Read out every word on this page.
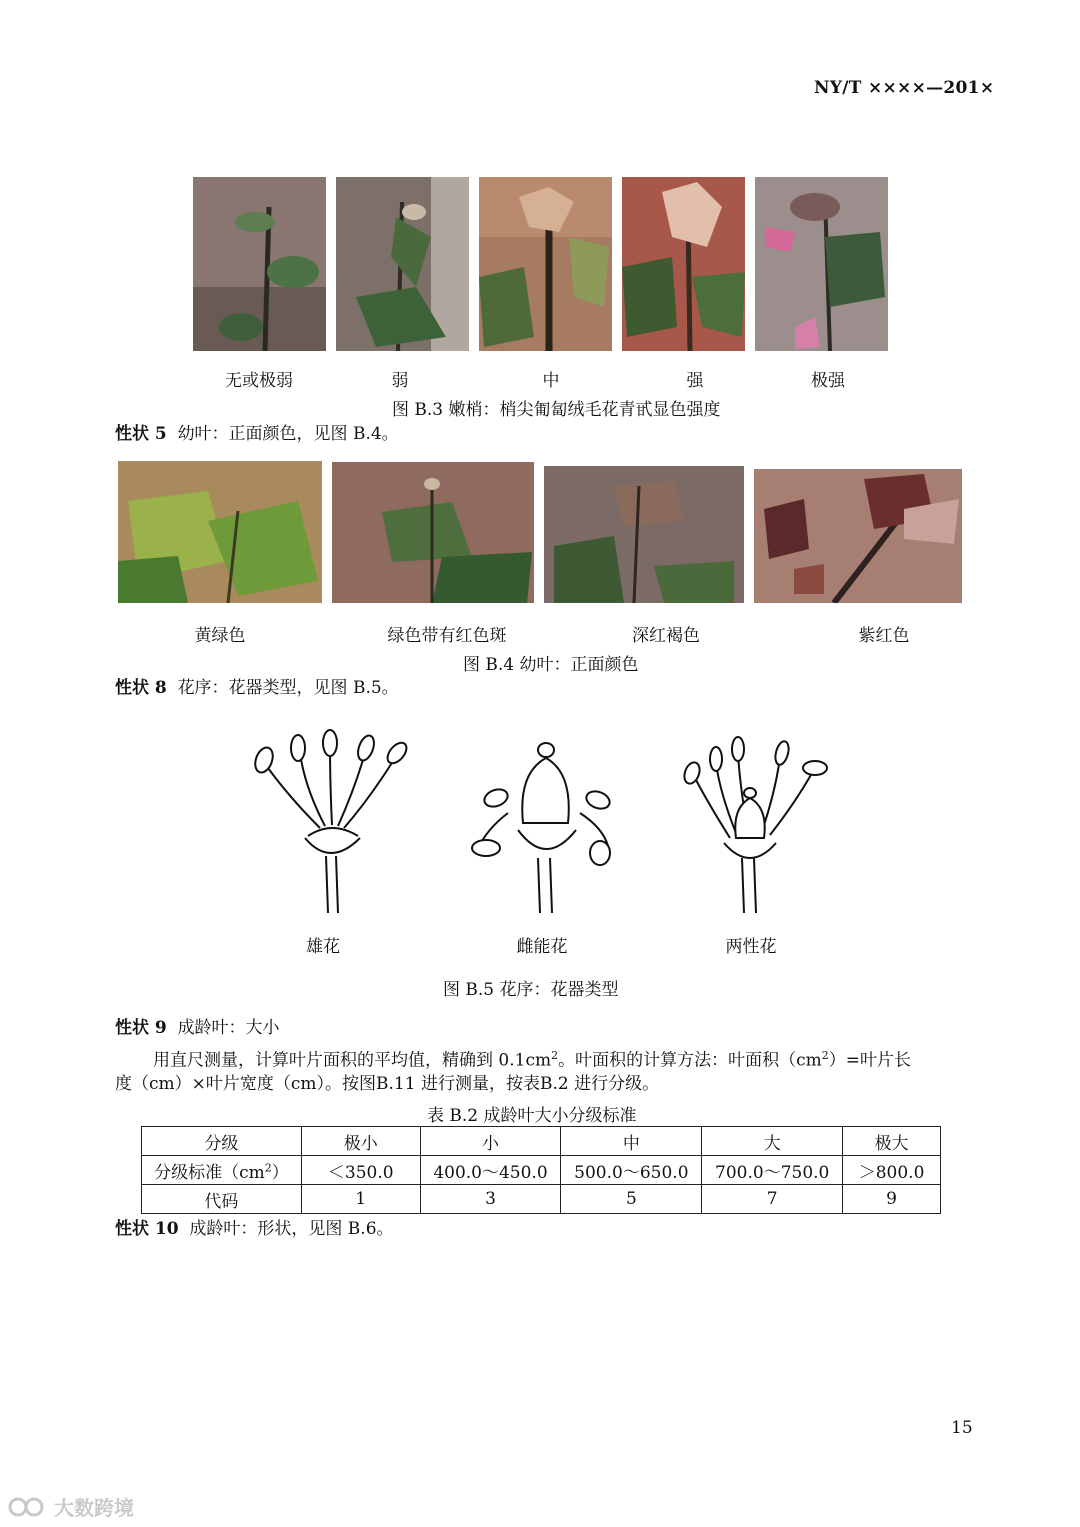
NY/T ××××—201×
无或极弱	弱	中	强	极强
图 B.3 嫩梢：梢尖匍匐绒毛花青甙显色强度
性状 5 幼叶：正面颜色，见图 B.4。
黄绿色	绿色带有红色斑	深红褐色	紫红色
图 B.4 幼叶：正面颜色
性状 8 花序：花器类型，见图 B.5。
雄花	雌能花	两性花
图 B.5 花序：花器类型
性状 9 成龄叶：大小
用直尺测量，计算叶片面积的平均值，精确到 $0.1cm^2$。叶面积的计算方法：叶面积$(cm^2)=$叶片长
度（cm）×叶片宽度（cm）。按图B.11 进行测量，按表B.2 进行分级。
表 B.2 成龄叶大小分级标准
分级	极小	小	中	大	极大
分级标准$(cm^2)$	＜350.0	400.0～450.0	500.0～650.0	700.0～750.0	＞800.0
代码	1	3	5	7	9
性状 10 成龄叶：形状，见图 B.6。
15
大数跨境
